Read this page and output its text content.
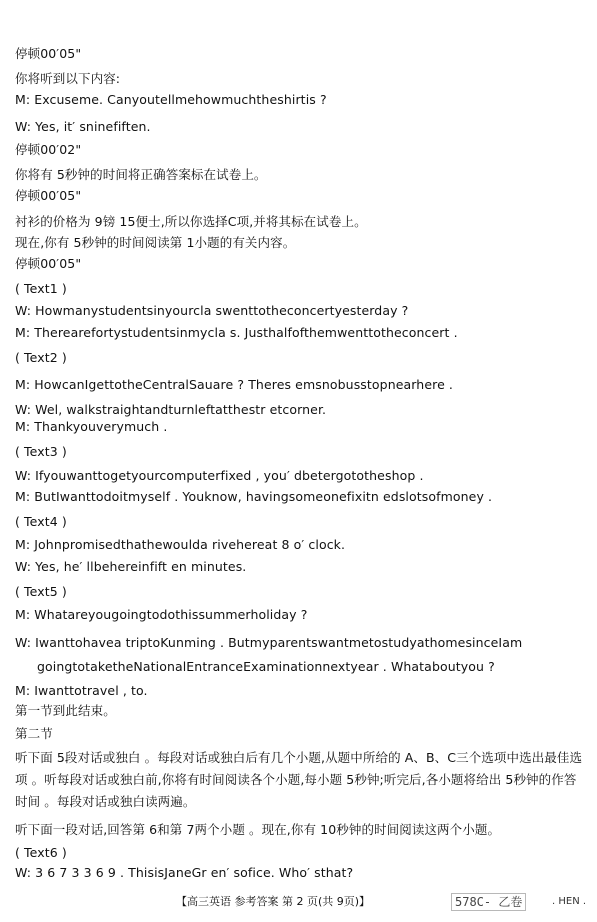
停顿00′05"
你将听到以下内容:
M: Excuseme. Canyoutellmehowmuchtheshirtis ?
W: Yes, it′ sninefiften.
停顿00′02"
你将有 5秒钟的时间将正确答案标在试卷上。
停顿00′05"
衬衫的价格为 9镑 15便士,所以你选择C项,并将其标在试卷上。
现在,你有 5秒钟的时间阅读第 1小题的有关内容。
停顿00′05"
( Text1 )
W: Howmanystudentsinyourcla swenttotheconcertyesterday ?
M: Therearefortystudentsinmycla s. Justhalfofthemwenttotheconcert .
( Text2 )
M: HowcanIgettotheCentralSauare ? Theres emsnobusstopnearhere .
W: Wel, walkstraightandturnleftatthestr etcorner.
M: Thankyouverymuch .
( Text3 )
W: Ifyouwanttogetyourcomputerfixed , you′ dbetergototheshop .
M: ButIwanttodoitmyself . Youknow, havingsomeonefixitn edslotsofmoney .
( Text4 )
M: Johnpromisedthathewoulda rivehereat 8 o′ clock.
W: Yes, he′ llbehereinfift en minutes.
( Text5 )
M: Whatareyougoingtodothissummerholiday ?
W: Iwanttohavea triptoKunming . ButmyparentswantmetostudyathomesinceIam
goingtotaketheNationalEntranceExaminationnextyear . Whataboutyou ?
M: Iwanttotravel , to.
第一节到此结束。
第二节
听下面 5段对话或独白 。每段对话或独白后有几个小题,从题中所给的 A、B、C三个选项中选出最佳选项 。听每段对话或独白前,你将有时间阅读各个小题,每小题 5秒钟;听完后,各小题将给出 5秒钟的作答时间 。每段对话或独白读两遍。
听下面一段对话,回答第 6和第 7两个小题 。现在,你有 10秒钟的时间阅读这两个小题。
( Text6 )
W: 3 6 7 3 3 6 9 . ThisisJaneGr en′ sofice. Who′ sthat?
【高三英语 参考答案 第 2 页(共 9页)】	578C- 乙卷	. HEN .
